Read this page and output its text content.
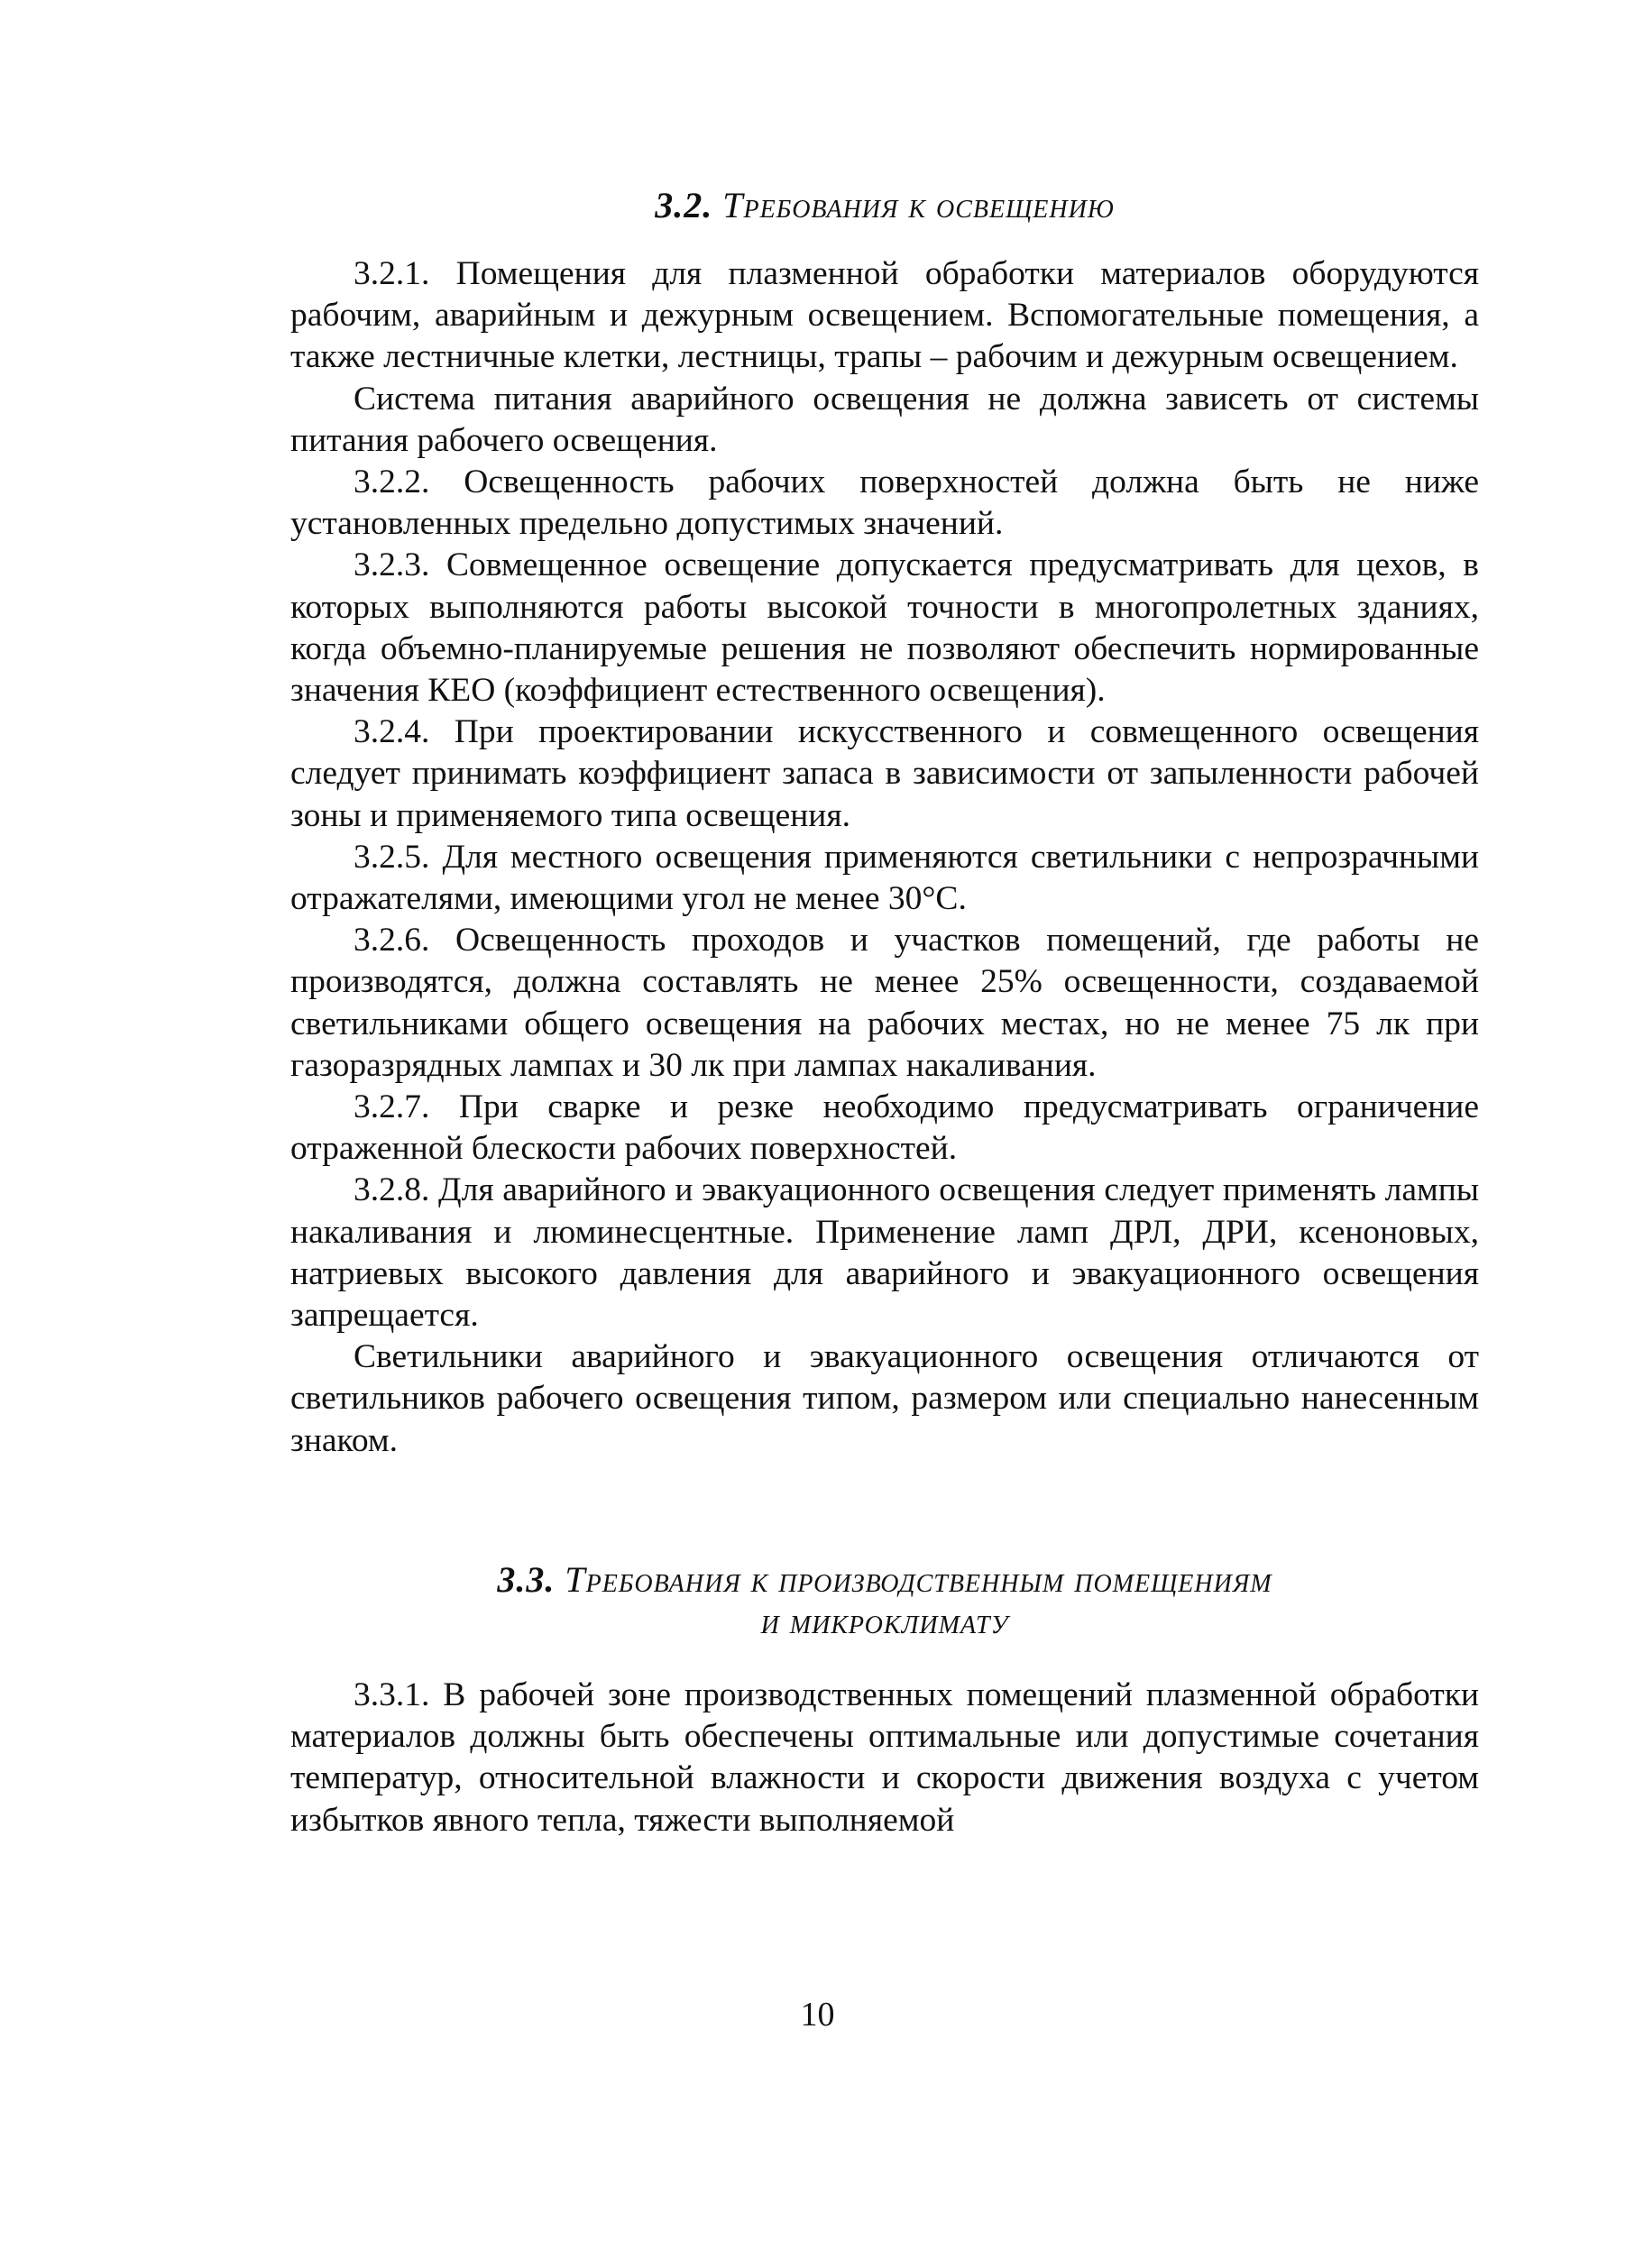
3.2. Требования к освещению

3.2.1. Помещения для плазменной обработки материалов оборудуются рабочим, аварийным и дежурным освещением. Вспомогательные помещения, а также лестничные клетки, лестницы, трапы – рабочим и дежурным освещением.

Система питания аварийного освещения не должна зависеть от системы питания рабочего освещения.

3.2.2. Освещенность рабочих поверхностей должна быть не ниже установленных предельно допустимых значений.

3.2.3. Совмещенное освещение допускается предусматривать для цехов, в которых выполняются работы высокой точности в многопролетных зданиях, когда объемно-планируемые решения не позволяют обеспечить нормированные значения КЕО (коэффициент естественного освещения).

3.2.4. При проектировании искусственного и совмещенного освещения следует принимать коэффициент запаса в зависимости от запыленности рабочей зоны и применяемого типа освещения.

3.2.5. Для местного освещения применяются светильники с непрозрачными отражателями, имеющими угол не менее 30°С.

3.2.6. Освещенность проходов и участков помещений, где работы не производятся, должна составлять не менее 25% освещенности, создаваемой светильниками общего освещения на рабочих местах, но не менее 75 лк при газоразрядных лампах и 30 лк при лампах накаливания.

3.2.7. При сварке и резке необходимо предусматривать ограничение отраженной блескости рабочих поверхностей.

3.2.8. Для аварийного и эвакуационного освещения следует применять лампы накаливания и люминесцентные. Применение ламп ДРЛ, ДРИ, ксеноновых, натриевых высокого давления для аварийного и эвакуационного освещения запрещается.

Светильники аварийного и эвакуационного освещения отличаются от светильников рабочего освещения типом, размером или специально нанесенным знаком.

3.3. Требования к производственным помещениям
и микроклимату

3.3.1. В рабочей зоне производственных помещений плазменной обработки материалов должны быть обеспечены оптимальные или допустимые сочетания температур, относительной влажности и скорости движения воздуха с учетом избытков явного тепла, тяжести выполняемой

10
